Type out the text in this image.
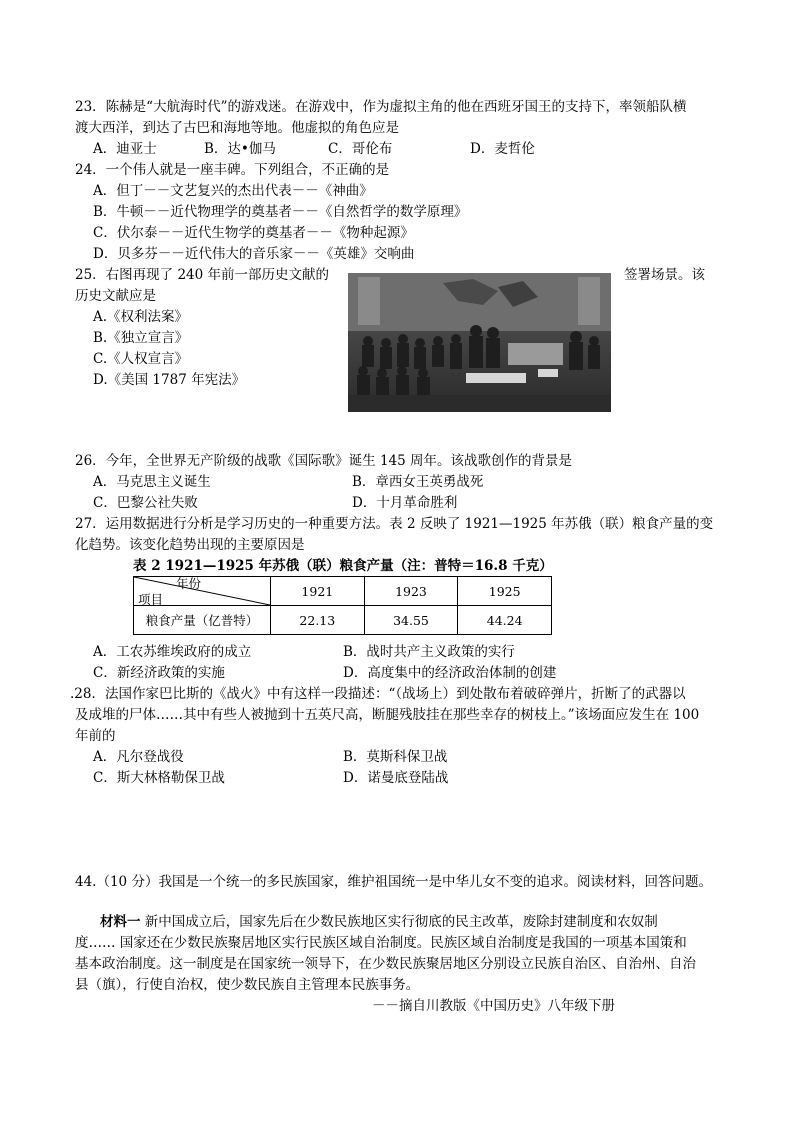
23．陈赫是“大航海时代”的游戏迷。在游戏中，作为虚拟主角的他在西班牙国王的支持下，率领船队横
渡大西洋，到达了古巴和海地等地。他虚拟的角色应是
A．迪亚士	B．达•伽马	C．哥伦布	D．麦哲伦
24．一个伟人就是一座丰碑。下列组合，不正确的是
A．但丁－－文艺复兴的杰出代表－－《神曲》
B．牛顿－－近代物理学的奠基者－－《自然哲学的数学原理》
C．伏尔泰－－近代生物学的奠基者－－《物种起源》
D．贝多芬－－近代伟大的音乐家－－《英雄》交响曲
25．右图再现了 240 年前一部历史文献的	签署场景。该
历史文献应是
A.《权利法案》
B.《独立宣言》
C.《人权宣言》
D.《美国 1787 年宪法》
26．今年，全世界无产阶级的战歌《国际歌》诞生 145 周年。该战歌创作的背景是
A．马克思主义诞生	B．章西女王英勇战死
C．巴黎公社失败	D．十月革命胜利
27．运用数据进行分析是学习历史的一种重要方法。表 2 反映了 1921—1925 年苏俄（联）粮食产量的变
化趋势。该变化趋势出现的主要原因是
表 2 1921—1925 年苏俄（联）粮食产量（注：普特＝16.8 千克）
年份
项目	1921	1923	1925
粮食产量（亿普特）	22.13	34.55	44.24
A．工农苏维埃政府的成立	B．战时共产主义政策的实行
C．新经济政策的实施	D．高度集中的经济政治体制的创建
.28．法国作家巴比斯的《战火》中有这样一段描述：“（战场上）到处散布着破碎弹片，折断了的武器以
及成堆的尸体……其中有些人被抛到十五英尺高，断腿残肢挂在那些幸存的树枝上。”该场面应发生在 100
年前的
A．凡尔登战役	B．莫斯科保卫战
C．斯大林格勒保卫战	D．诺曼底登陆战
44.（10 分）我国是一个统一的多民族国家，维护祖国统一是中华儿女不变的追求。阅读材料，回答问题。
材料一 新中国成立后，国家先后在少数民族地区实行彻底的民主改革，废除封建制度和农奴制
度…… 国家还在少数民族聚居地区实行民族区域自治制度。民族区域自治制度是我国的一项基本国策和
基本政治制度。这一制度是在国家统一领导下，在少数民族聚居地区分别设立民族自治区、自治州、自治
县（旗），行使自治权，使少数民族自主管理本民族事务。
－－摘自川教版《中国历史》八年级下册
